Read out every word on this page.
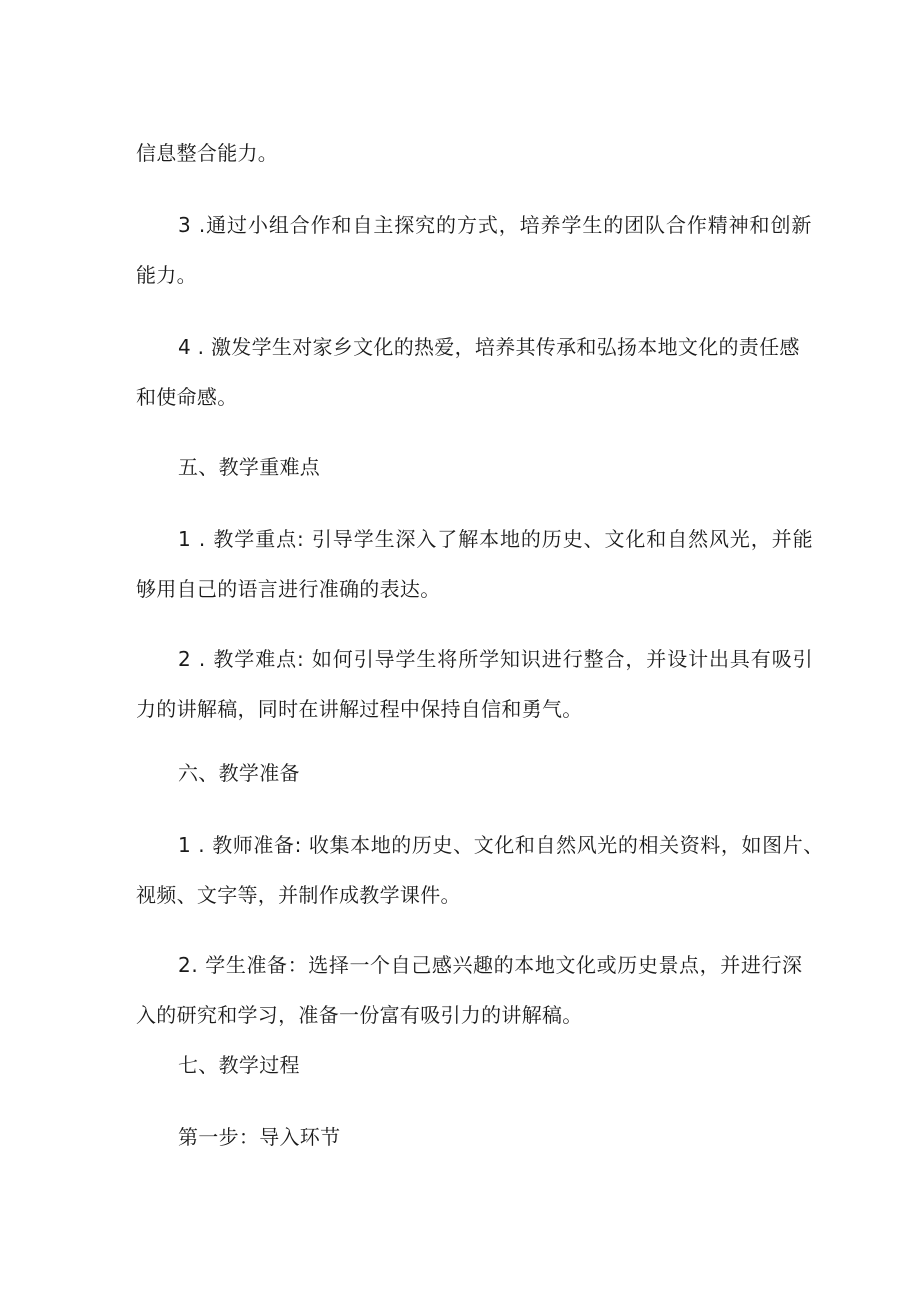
信息整合能力。
3 .通过小组合作和自主探究的方式，培养学生的团队合作精神和创新
能力。
4 . 激发学生对家乡文化的热爱，培养其传承和弘扬本地文化的责任感
和使命感。
五、教学重难点
1 . 教学重点: 引导学生深入了解本地的历史、文化和自然风光，并能
够用自己的语言进行准确的表达。
2 . 教学难点: 如何引导学生将所学知识进行整合，并设计出具有吸引
力的讲解稿，同时在讲解过程中保持自信和勇气。
六、教学准备
1 . 教师准备: 收集本地的历史、文化和自然风光的相关资料，如图片、
视频、文字等，并制作成教学课件。
2. 学生准备：选择一个自己感兴趣的本地文化或历史景点，并进行深
入的研究和学习，准备一份富有吸引力的讲解稿。
七、教学过程
第一步：导入环节
